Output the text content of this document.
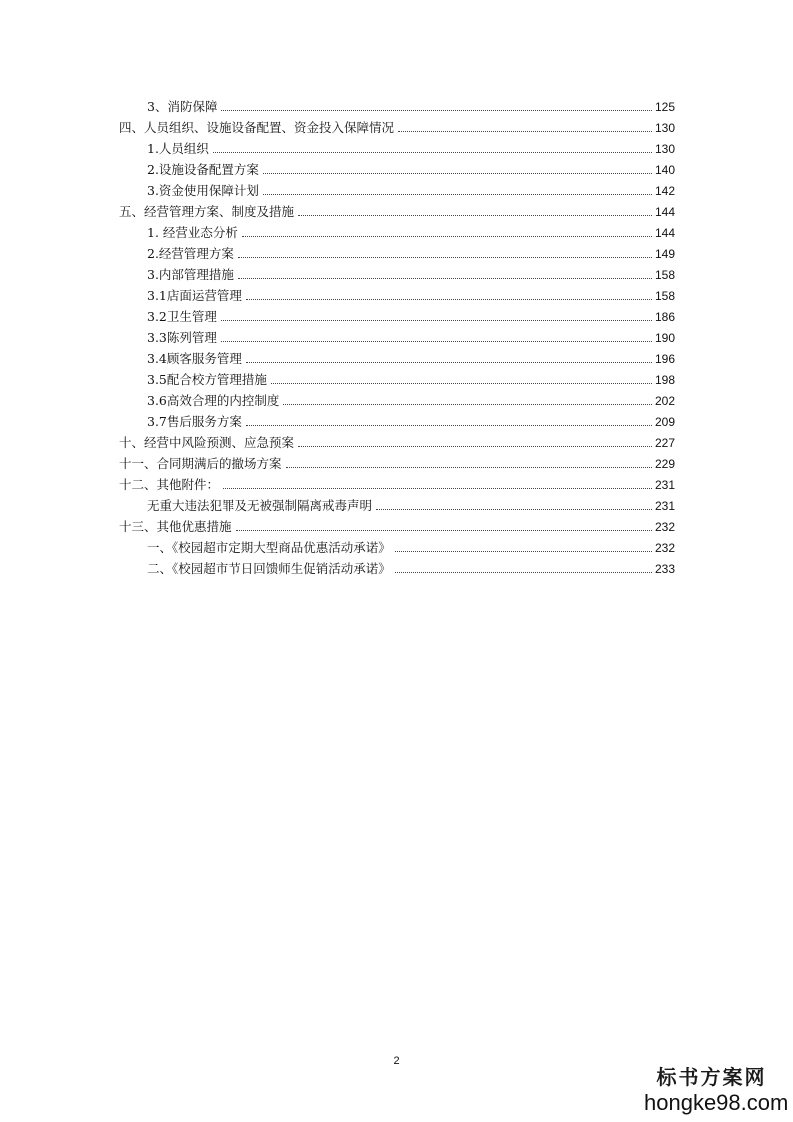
3、消防保障	125
四、人员组织、设施设备配置、资金投入保障情况	130
1.人员组织	130
2.设施设备配置方案	140
3.资金使用保障计划	142
五、经营管理方案、制度及措施	144
1. 经营业态分析	144
2.经营管理方案	149
3.内部管理措施	158
3.1店面运营管理	158
3.2卫生管理	186
3.3陈列管理	190
3.4顾客服务管理	196
3.5配合校方管理措施	198
3.6高效合理的内控制度	202
3.7售后服务方案	209
十、经营中风险预测、应急预案	227
十一、合同期满后的撤场方案	229
十二、其他附件：	231
无重大违法犯罪及无被强制隔离戒毒声明	231
十三、其他优惠措施	232
一、《校园超市定期大型商品优惠活动承诺》	232
二、《校园超市节日回馈师生促销活动承诺》	233
2
标书方案网
hongke98.com
